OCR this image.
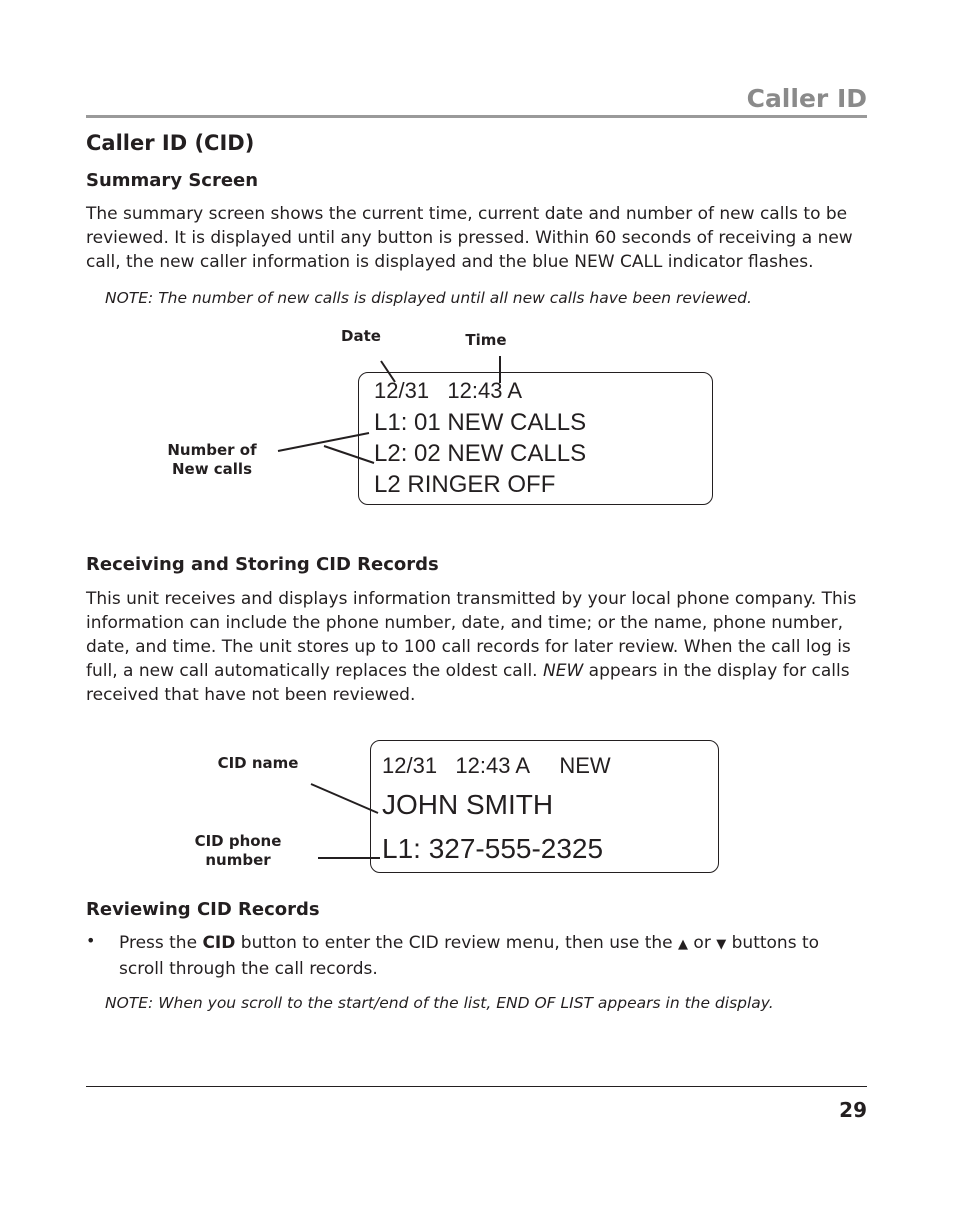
Caller ID
Caller ID (CID)
Summary Screen

The summary screen shows the current time, current date and number of new calls to be reviewed. It is displayed until any button is pressed. Within 60 seconds of receiving a new call, the new caller information is displayed and the blue NEW CALL indicator flashes.

NOTE: The number of new calls is displayed until all new calls have been reviewed.

Date	Time
Number of
New calls
12/31   12:43 A
L1: 01 NEW CALLS
L2: 02 NEW CALLS
L2 RINGER OFF
Receiving and Storing CID Records

This unit receives and displays information transmitted by your local phone company. This information can include the phone number, date, and time; or the name, phone number, date, and time. The unit stores up to 100 call records for later review. When the call log is full, a new call automatically replaces the oldest call. NEW appears in the display for calls received that have not been reviewed.

CID name
CID phone
number
12/31   12:43 A     NEW
JOHN SMITH
L1: 327-555-2325
Reviewing CID Records
• Press the CID button to enter the CID review menu, then use the ▲ or ▼ buttons to scroll through the call records.

NOTE: When you scroll to the start/end of the list, END OF LIST appears in the display.

29
